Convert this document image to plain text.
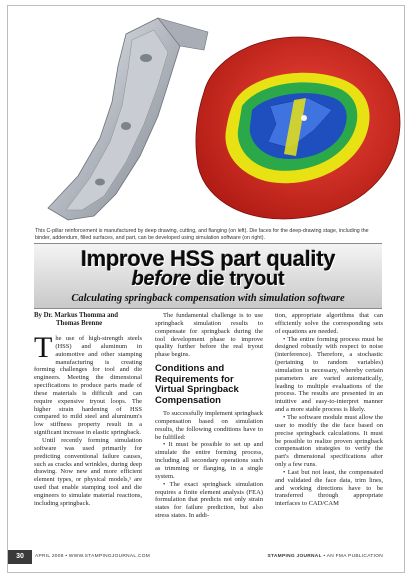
This C-pillar reinforcement is manufactured by deep drawing, cutting, and flanging (on left). Die faces for the deep-drawing stage, including the binder, addendum, filled surfaces, and part, can be developed using simulation software (on right).
Improve HSS part quality
before die tryout
Calculating springback compensation with simulation software

By Dr. Markus Thomma and
Thomas Brenne

The use of high-strength steels (HSS) and aluminum in automotive and other stamping manufacturing is creating forming challenges for tool and die engineers. Meeting the dimensional specifications to produce parts made of these materials is difficult and can require expensive tryout loops. The higher strain hardening of HSS compared to mild steel and aluminum's low stiffness property result in a significant increase in elastic springback.

Until recently forming simulation software was used primarily for predicting conventional failure causes, such as cracks and wrinkles, during deep drawing. Now new and more efficient element types, or physical models,¹ are used that enable stamping tool and die engineers to simulate material reactions, including springback.

The fundamental challenge is to use springback simulation results to compensate for springback during the tool development phase to improve quality further before the real tryout phase begins.

Conditions and Requirements for Virtual Springback Compensation

To successfully implement springback compensation based on simulation results, the following conditions have to be fulfilled:

• It must be possible to set up and simulate the entire forming process, including all secondary operations such as trimming or flanging, in a single system.

• The exact springback simulation requires a finite element analysis (FEA) formulation that predicts not only strain states for failure prediction, but also stress states. In addi-

tion, appropriate algorithms that can efficiently solve the corresponding sets of equations are needed.

• The entire forming process must be designed robustly with respect to noise (interference). Therefore, a stochastic (pertaining to random variables) simulation is necessary, whereby certain parameters are varied automatically, leading to multiple evaluations of the process. The results are presented in an intuitive and easy-to-interpret manner and a more stable process is likely.

• The software module must allow the user to modify the die face based on precise springback calculations. It must be possible to realize proven springback compensation strategies to verify the part's dimensional specifications after only a few runs.

• Last but not least, the compensated and validated die face data, trim lines, and working directions have to be transferred through appropriate interfaces to CAD/CAM

30	APRIL 2008 • WWW.STAMPINGJOURNAL.COM	STAMPING JOURNAL • AN FMA PUBLICATION
